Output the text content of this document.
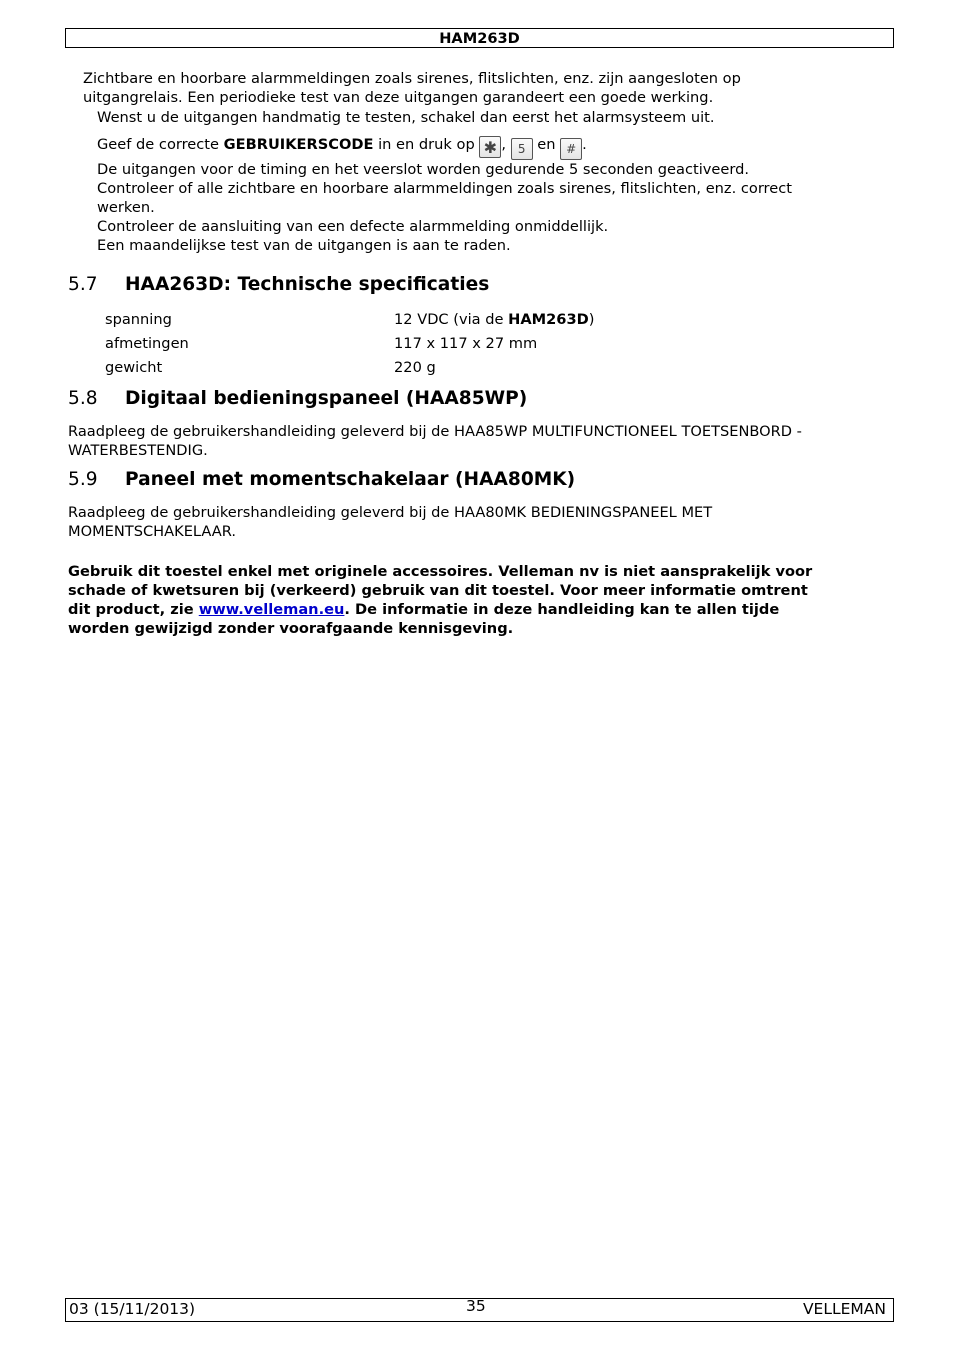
HAM263D

Zichtbare en hoorbare alarmmeldingen zoals sirenes, flitslichten, enz. zijn aangesloten op

uitgangrelais. Een periodieke test van deze uitgangen garandeert een goede werking.

Wenst u de uitgangen handmatig te testen, schakel dan eerst het alarmsysteem uit.

Geef de correcte GEBRUIKERSCODE in en druk op ✱ , 5 en # .

De uitgangen voor de timing en het veerslot worden gedurende 5 seconden geactiveerd.

Controleer of alle zichtbare en hoorbare alarmmeldingen zoals sirenes, flitslichten, enz. correct

werken.

Controleer de aansluiting van een defecte alarmmelding onmiddellijk.

Een maandelijkse test van de uitgangen is aan te raden.

5.7 HAA263D: Technische specificaties
spanning	12 VDC (via de HAM263D)
afmetingen	117 x 117 x 27 mm
gewicht	220 g
5.8 Digitaal bedieningspaneel (HAA85WP)

Raadpleeg de gebruikershandleiding geleverd bij de HAA85WP MULTIFUNCTIONEEL TOETSENBORD -

WATERBESTENDIG.

5.9 Paneel met momentschakelaar (HAA80MK)

Raadpleeg de gebruikershandleiding geleverd bij de HAA80MK BEDIENINGSPANEEL MET

MOMENTSCHAKELAAR.

Gebruik dit toestel enkel met originele accessoires. Velleman nv is niet aansprakelijk voor

schade of kwetsuren bij (verkeerd) gebruik van dit toestel. Voor meer informatie omtrent

dit product, zie www.velleman.eu. De informatie in deze handleiding kan te allen tijde

worden gewijzigd zonder voorafgaande kennisgeving.

03 (15/11/2013)	VELLEMAN
35
